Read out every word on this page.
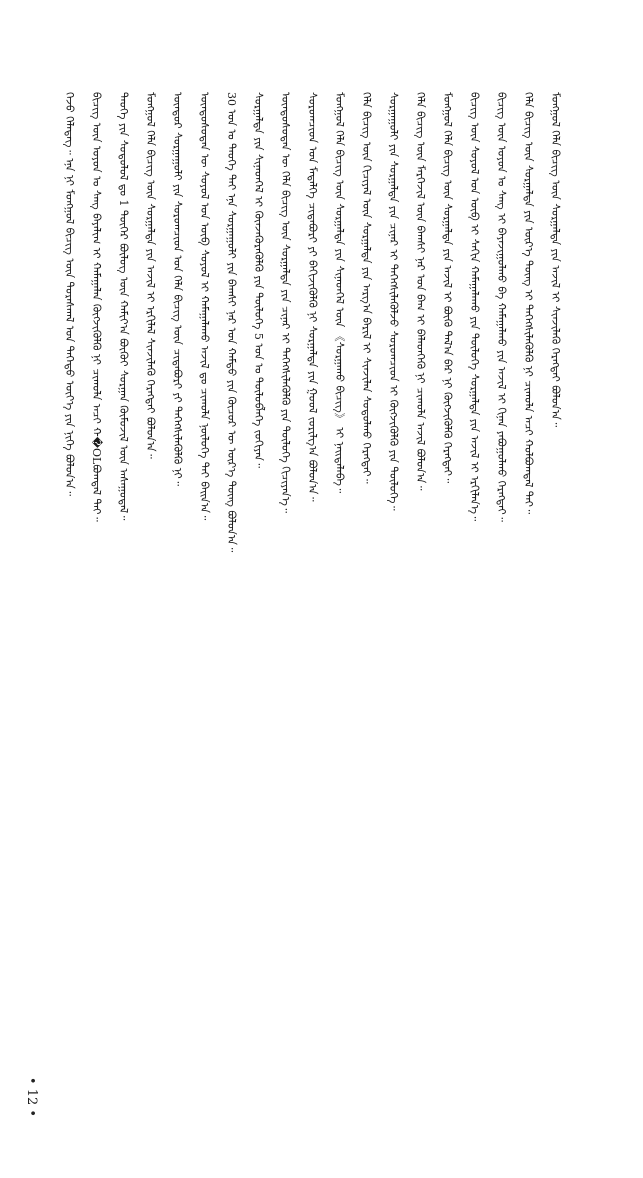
ᠭᠡᠵᠦ ᠬᠡᠯᠡᠳᠡᠭ᠃ ᠡᠨᠡ ᠨᠢ ᠮᠣᠩᠭᠣᠯ ᠪᠢᠴᠢᠭ ᠦᠨ ᠳᠤᠷᠠᠰᠬᠠᠯ ᠤᠨ ᠳᠡᠭᠡᠳᠦ ᠦᠶ᠎ᠡ ᠶᠢᠨ ᠨᠢᠭᠡ ᠪᠣᠯᠤᠨ᠎ᠠ᠃ ᠪᠢᠴᠢᠭ᠌ ᠦᠨ ᠣᠶᠤᠨ ᠤ ᠰᠠᠩ ᠪᠠᠶᠠᠯᠢᠭ ᠢ ᠬᠠᠮᠠᠭᠠᠯᠠᠨ ᠬᠥᠭᠵᠢᠭᠦᠯᠬᠦ ᠨᠢ ᠴᠢᠬᠤᠯᠠ ᠠᠴᠢ ᠬ�OLᠪᠣᠭᠳᠠᠯ ᠲᠠᠢ᠃ ᠲᠡᠦᠬᠡ ᠶᠢᠨ ᠰᠤᠳᠤᠯᠤᠯ ᠳᠤ 1 ᠳᠦᠭᠡᠷ ᠪᠦᠯᠦᠭ ᠦᠨ ᠬᠠᠮᠢᠶ᠎ᠠ ᠪᠦᠬᠦᠢ ᠰᠤᠷᠭᠠᠨ ᠬᠦᠮᠦᠵᠢᠯ ᠦᠨ ᠠᠰᠠᠭᠤᠳᠠᠯ᠃ ᠮᠣᠩᠭᠣᠯ ᠬᠡᠯᠡ ᠪᠢᠴᠢᠭ᠌ ᠦᠨ ᠰᠤᠷᠭᠠᠯᠲᠠ ᠶᠢᠨ ᠠᠵᠢᠯ ᠢ ᠡᠷᠬᠢᠯᠡᠯ ᠰᠢᠨᠵᠢᠯᠡᠬᠦ ᠬᠡᠷᠡᠭᠲᠡᠢ ᠪᠣᠯᠤᠨ᠎ᠠ᠃ ᠥᠨᠳᠦᠷ ᠰᠤᠷᠭᠠᠭᠤᠯᠢ ᠶᠢᠨ ᠰᠤᠷᠤᠭᠴᠢᠳ ᠤᠨ ᠬᠡᠯᠡ ᠪᠢᠴᠢᠭ᠌ ᠦᠨ ᠴᠢᠳᠠᠪᠤᠷᠢ ᠶᠢ ᠳᠡᠭᠡᠭᠰᠢᠯᠡᠭᠦᠯᠬᠦ ᠨᠢ᠃ ᠦᠨᠳᠦᠰᠦᠲᠡᠨ ᠦ ᠰᠣᠶᠣᠯ ᠤᠨ ᠥᠪ ᠰᠣᠶᠣᠯ ᠢ ᠬᠠᠮᠠᠭᠠᠯᠠᠬᠤ ᠠᠵᠢᠯ ᠳᠤ ᠴᠢᠬᠤᠯᠠ ᠨᠥᠯᠥᠭᠡ ᠲᠠᠢ ᠪᠠᠢᠨ᠎ᠠ᠃ 30 ᠣᠨ ᠤ ᠲᠡᠦᠬᠡ ᠲᠠᠢ ᠡᠨᠡ ᠰᠤᠷᠭᠠᠭᠤᠯᠢ ᠶᠢᠨ ᠪᠠᠭᠰᠢ ᠨᠠᠷ ᠤᠨ ᠬᠠᠮᠲᠤ ᠶᠢᠨ ᠬᠦᠴᠦᠷ ᠦ ᠦᠷ᠎ᠡ ᠳᠦᠩ ᠪᠣᠯᠤᠨ᠎ᠠ᠃ ᠰᠤᠷᠭᠠᠯᠲᠠ ᠶᠢᠨ ᠰᠢᠨᠡᠳᠬᠡᠯ ᠢ ᠭᠦᠨᠵᠡᠭᠦᠷᠡᠭᠦᠯᠬᠦ ᠶᠢᠨ ᠲᠥᠯᠥᠭᠡ 5 ᠣᠨ ᠤ ᠲᠥᠯᠥᠪᠯᠡᠭᠡ ᠵᠣᠬᠢᠶᠠᠨ᠃ ᠦᠨᠳᠦᠰᠦᠲᠡᠨ ᠦ ᠬᠡᠯᠡ ᠪᠢᠴᠢᠭ᠌ ᠦᠨ ᠰᠤᠷᠭᠠᠯᠲᠠ ᠶᠢᠨ ᠴᠢᠨᠠᠷ ᠢ ᠳᠡᠭᠡᠭᠰᠢᠯᠡᠭᠦᠯᠬᠦ ᠶᠢᠨ ᠲᠥᠯᠥᠭᠡ ᠬᠢᠴᠢᠶᠡᠨ᠎ᠡ᠃ ᠰᠤᠷᠤᠭᠴᠢᠳ ᠤᠨ ᠮᠡᠳᠡᠯᠭᠡ ᠴᠢᠳᠠᠪᠤᠷᠢ ᠶᠢ ᠪᠡᠬᠢᠵᠢᠭᠦᠯᠬᠦ ᠨᠢ ᠰᠤᠷᠭᠠᠯᠲᠠ ᠶᠢᠨ ᠭᠣᠣᠯ ᠵᠣᠷᠢᠯᠭ᠎ᠠ ᠪᠣᠯᠤᠨ᠎ᠠ᠃ ᠮᠣᠩᠭᠣᠯ ᠬᠡᠯᠡ ᠪᠢᠴᠢᠭ᠌ ᠦᠨ ᠰᠤᠷᠭᠠᠯᠲᠠ ᠶᠢᠨ ᠰᠢᠨᠡᠳᠬᠡᠯ ᠦᠨ 《ᠰᠤᠷᠭᠠᠬᠤ ᠪᠢᠴᠢᠭ》 ᠢ ᠨᠡᠢᠲᠡᠯᠡᠪᠡ᠃ ᠬᠡᠯᠡ ᠪᠢᠴᠢᠭ᠌ ᠦᠨ ᠬᠢᠴᠢᠶᠡᠯ ᠦᠨ ᠰᠤᠷᠭᠠᠯᠲᠠ ᠶᠢᠨ ᠠᠷᠭ᠎ᠠ ᠪᠠᠷᠢᠯ ᠢ ᠰᠢᠨᠵᠢᠯᠡᠨ ᠰᠤᠳᠤᠯᠬᠤ ᠬᠡᠷᠡᠭᠲᠡᠢ᠃ ᠰᠤᠷᠭᠠᠭᠤᠯᠢ ᠶᠢᠨ ᠰᠤᠷᠭᠠᠯᠲᠠ ᠶᠢᠨ ᠴᠢᠨᠠᠷ ᠢ ᠳᠡᠭᠡᠭᠰᠢᠯᠡᠭᠦᠯᠵᠦ ᠰᠤᠷᠤᠭᠴᠢᠳ ᠢ ᠬᠥᠭᠵᠢᠭᠦᠯᠬᠦ ᠶᠢᠨ ᠲᠥᠯᠥᠭᠡ᠃ ᠬᠡᠯᠡ ᠪᠢᠴᠢᠭ᠌ ᠦᠨ ᠮᠡᠷᠭᠡᠵᠢᠯ ᠦᠨ ᠪᠠᠭᠰᠢ ᠨᠠᠷ ᠤᠨ ᠪᠠᠭ ᠢ ᠪᠡᠯᠡᠳᠬᠡᠬᠦ ᠨᠢ ᠴᠢᠬᠤᠯᠠ ᠠᠵᠢᠯ ᠪᠣᠯᠤᠨ᠎ᠠ᠃ ᠮᠣᠩᠭᠣᠯ ᠬᠡᠯᠡ ᠪᠢᠴᠢᠭ᠌ ᠦᠨ ᠰᠤᠷᠭᠠᠯᠲᠠ ᠶᠢᠨ ᠠᠵᠢᠯ ᠢ ᠪᠦᠬᠦ ᠲᠠᠯ᠎ᠠ ᠪᠠᠷ ᠨᠢ ᠬᠥᠭᠵᠢᠭᠦᠯᠬᠦ ᠬᠡᠷᠡᠭᠲᠡᠢ᠃ ᠪᠢᠴᠢᠭ᠌ ᠦᠨ ᠰᠣᠶᠣᠯ ᠤᠨ ᠥᠪ ᠢ ᠰᠠᠬᠢᠨ ᠬᠠᠮᠠᠭᠠᠯᠠᠬᠤ ᠶᠢᠨ ᠲᠥᠯᠥᠭᠡ ᠰᠤᠷᠭᠠᠯᠲᠠ ᠶᠢᠨ ᠠᠵᠢᠯ ᠢ ᠡᠷᠬᠢᠯᠡᠨ᠎ᠡ᠃ ᠪᠢᠴᠢᠭ᠌ ᠦᠨ ᠣᠶᠤᠨ ᠤ ᠰᠠᠩ ᠢ ᠪᠠᠶᠠᠵᠢᠭᠤᠯᠬᠤ ᠪᠠ ᠬᠠᠮᠠᠭᠠᠯᠬᠤ ᠶᠢᠨ ᠠᠵᠢᠯ ᠢ ᠬᠢᠨᠠᠨ ᠶᠠᠪᠤᠭᠤᠯᠬᠤ ᠬᠡᠷᠡᠭᠲᠡᠢ᠃ ᠬᠡᠯᠡ ᠪᠢᠴᠢᠭ᠌ ᠦᠨ ᠰᠤᠷᠭᠠᠯᠲᠠ ᠶᠢᠨ ᠦᠷ᠎ᠡ ᠳᠦᠩ ᠢ ᠳᠡᠭᠡᠭᠰᠢᠯᠡᠭᠦᠯᠬᠦ ᠨᠢ ᠴᠢᠬᠤᠯᠠ ᠠᠴᠢ ᠬᠣᠯᠪᠣᠭᠳᠠᠯ ᠲᠠᠢ᠃ ᠮᠣᠩᠭᠣᠯ ᠬᠡᠯᠡ ᠪᠢᠴᠢᠭ᠌ ᠦᠨ ᠰᠤᠷᠭᠠᠯᠲᠠ ᠶᠢᠨ ᠠᠵᠢᠯ ᠢ ᠰᠢᠨᠵᠢᠯᠡᠬᠦ ᠬᠡᠷᠡᠭᠲᠡᠢ ᠪᠣᠯᠤᠨ᠎ᠠ᠃
• 12 •
